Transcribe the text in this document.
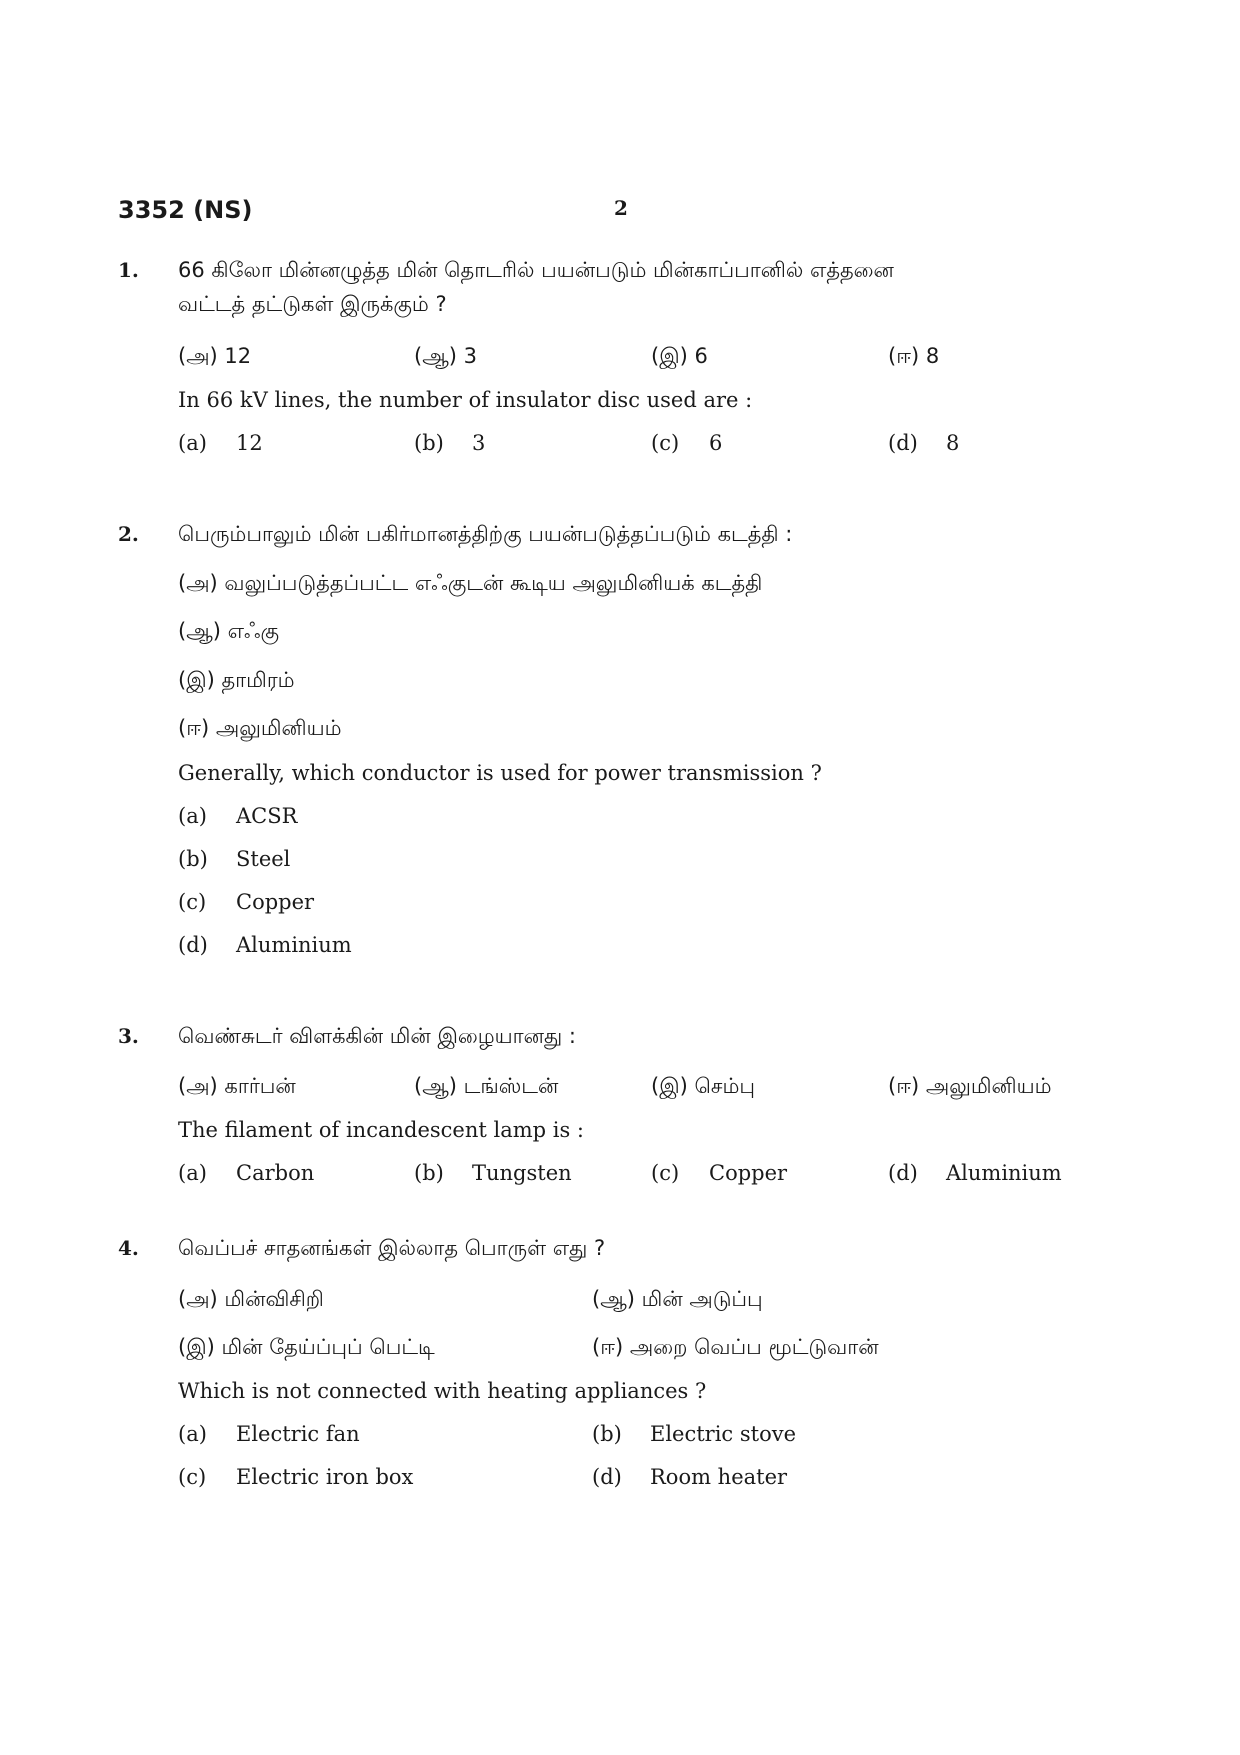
3352 (NS)	2
1. 66 கிலோ மின்னழுத்த மின் தொடரில் பயன்படும் மின்காப்பானில் எத்தனை
வட்டத் தட்டுகள் இருக்கும் ?
(அ) 12	(ஆ) 3	(இ) 6	(ஈ) 8
In 66 kV lines, the number of insulator disc used are :
(a) 12	(b) 3	(c) 6	(d) 8
2. பெரும்பாலும் மின் பகிர்மானத்திற்கு பயன்படுத்தப்படும் கடத்தி :
(அ) வலுப்படுத்தப்பட்ட எஃகுடன் கூடிய அலுமினியக் கடத்தி
(ஆ) எஃகு
(இ) தாமிரம்
(ஈ) அலுமினியம்
Generally, which conductor is used for power transmission ?
(a) ACSR
(b) Steel
(c) Copper
(d) Aluminium
3. வெண்சுடர் விளக்கின் மின் இழையானது :
(அ) கார்பன்	(ஆ) டங்ஸ்டன்	(இ) செம்பு	(ஈ) அலுமினியம்
The filament of incandescent lamp is :
(a) Carbon	(b) Tungsten	(c) Copper	(d) Aluminium
4. வெப்பச் சாதனங்கள் இல்லாத பொருள் எது ?
(அ) மின்விசிறி	(ஆ) மின் அடுப்பு
(இ) மின் தேய்ப்புப் பெட்டி	(ஈ) அறை வெப்ப மூட்டுவான்
Which is not connected with heating appliances ?
(a) Electric fan	(b) Electric stove
(c) Electric iron box	(d) Room heater
